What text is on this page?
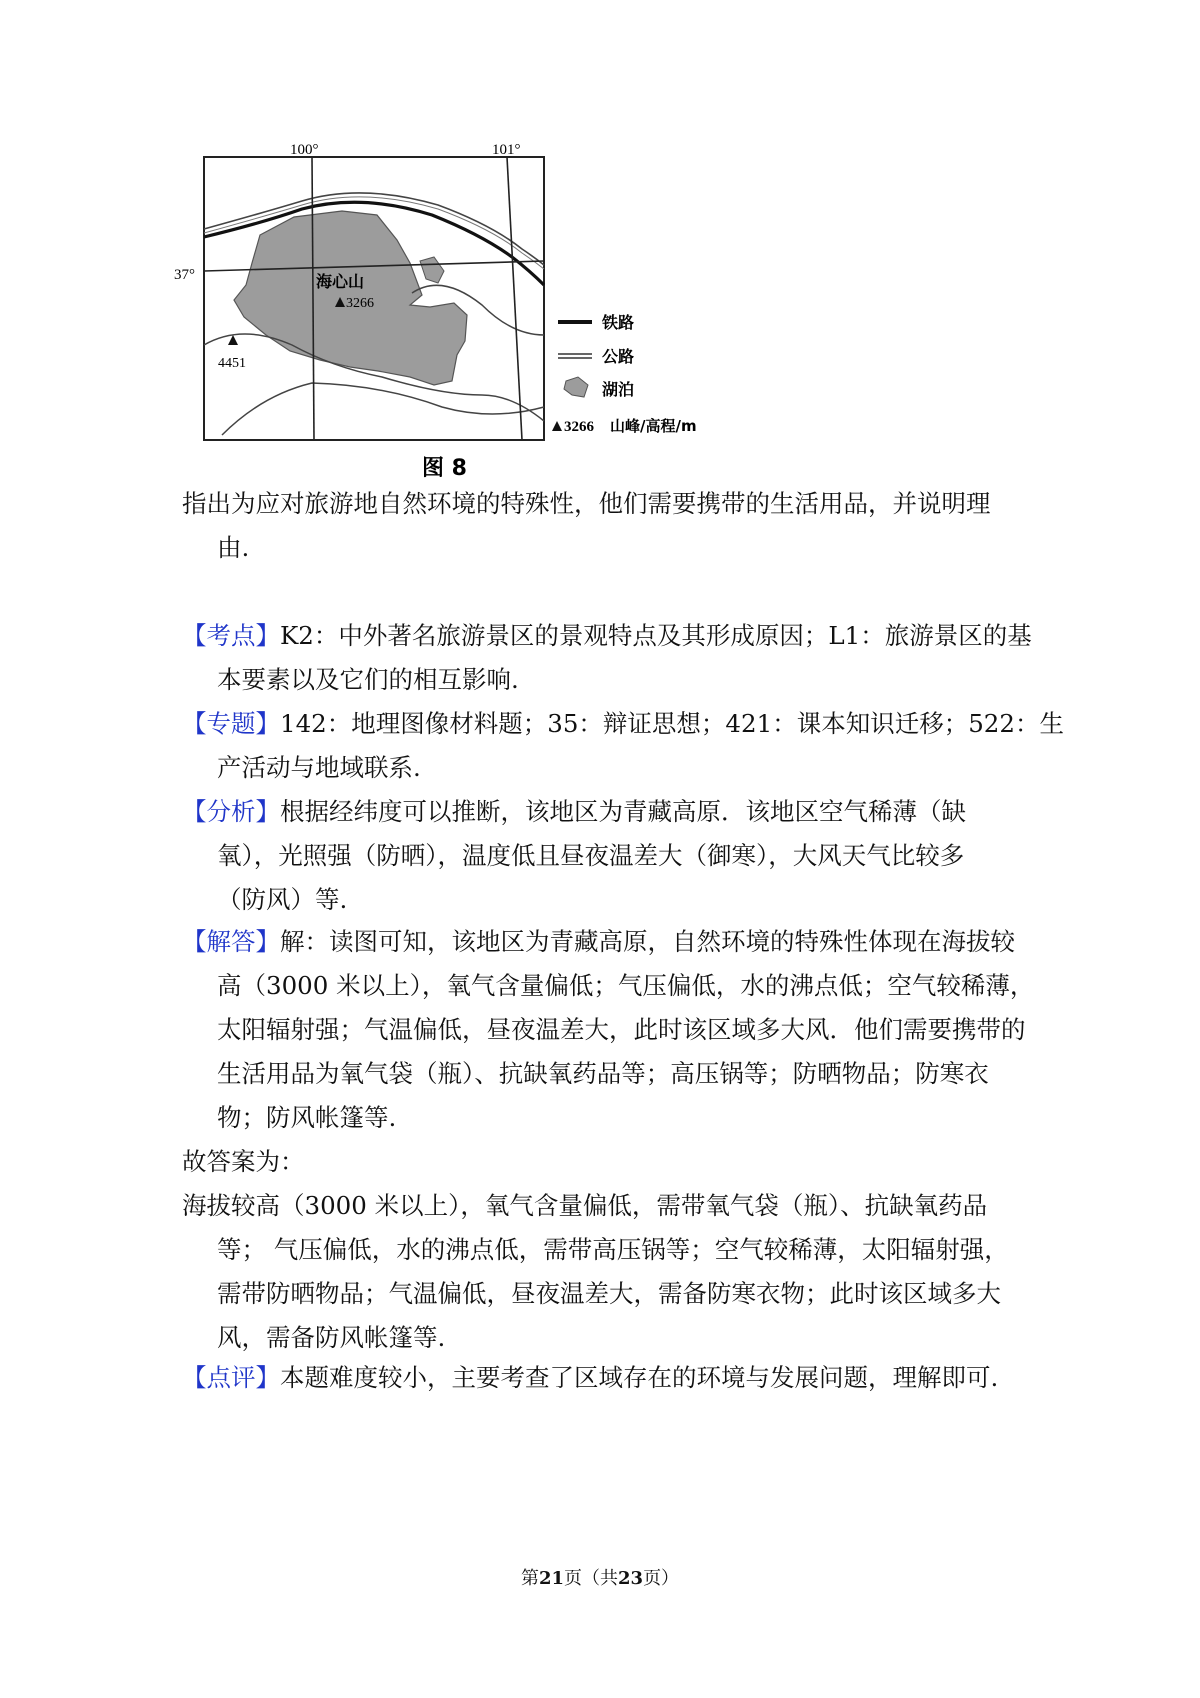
100°	101°
37°	海心山
3266
4451
铁路
公路
湖泊
3266 山峰/高程/m
图 8

指出为应对旅游地自然环境的特殊性，他们需要携带的生活用品，并说明理
由.

【考点】K2：中外著名旅游景区的景观特点及其形成原因；L1：旅游景区的基
本要素以及它们的相互影响.

【专题】142：地理图像材料题；35：辩证思想；421：课本知识迁移；522：生
产活动与地域联系.

【分析】根据经纬度可以推断，该地区为青藏高原．该地区空气稀薄（缺
氧），光照强（防晒），温度低且昼夜温差大（御寒），大风天气比较多
（防风）等.

【解答】解：读图可知，该地区为青藏高原，自然环境的特殊性体现在海拔较
高（3000 米以上），氧气含量偏低；气压偏低，水的沸点低；空气较稀薄，
太阳辐射强；气温偏低，昼夜温差大，此时该区域多大风．他们需要携带的
生活用品为氧气袋（瓶）、抗缺氧药品等；高压锅等；防晒物品；防寒衣
物；防风帐篷等.

故答案为：
海拔较高（3000 米以上），氧气含量偏低，需带氧气袋（瓶）、抗缺氧药品
等； 气压偏低，水的沸点低，需带高压锅等；空气较稀薄，太阳辐射强，
需带防晒物品；气温偏低，昼夜温差大，需备防寒衣物；此时该区域多大
风，需备防风帐篷等.

【点评】本题难度较小，主要考查了区域存在的环境与发展问题，理解即可.

第21页（共23页）
